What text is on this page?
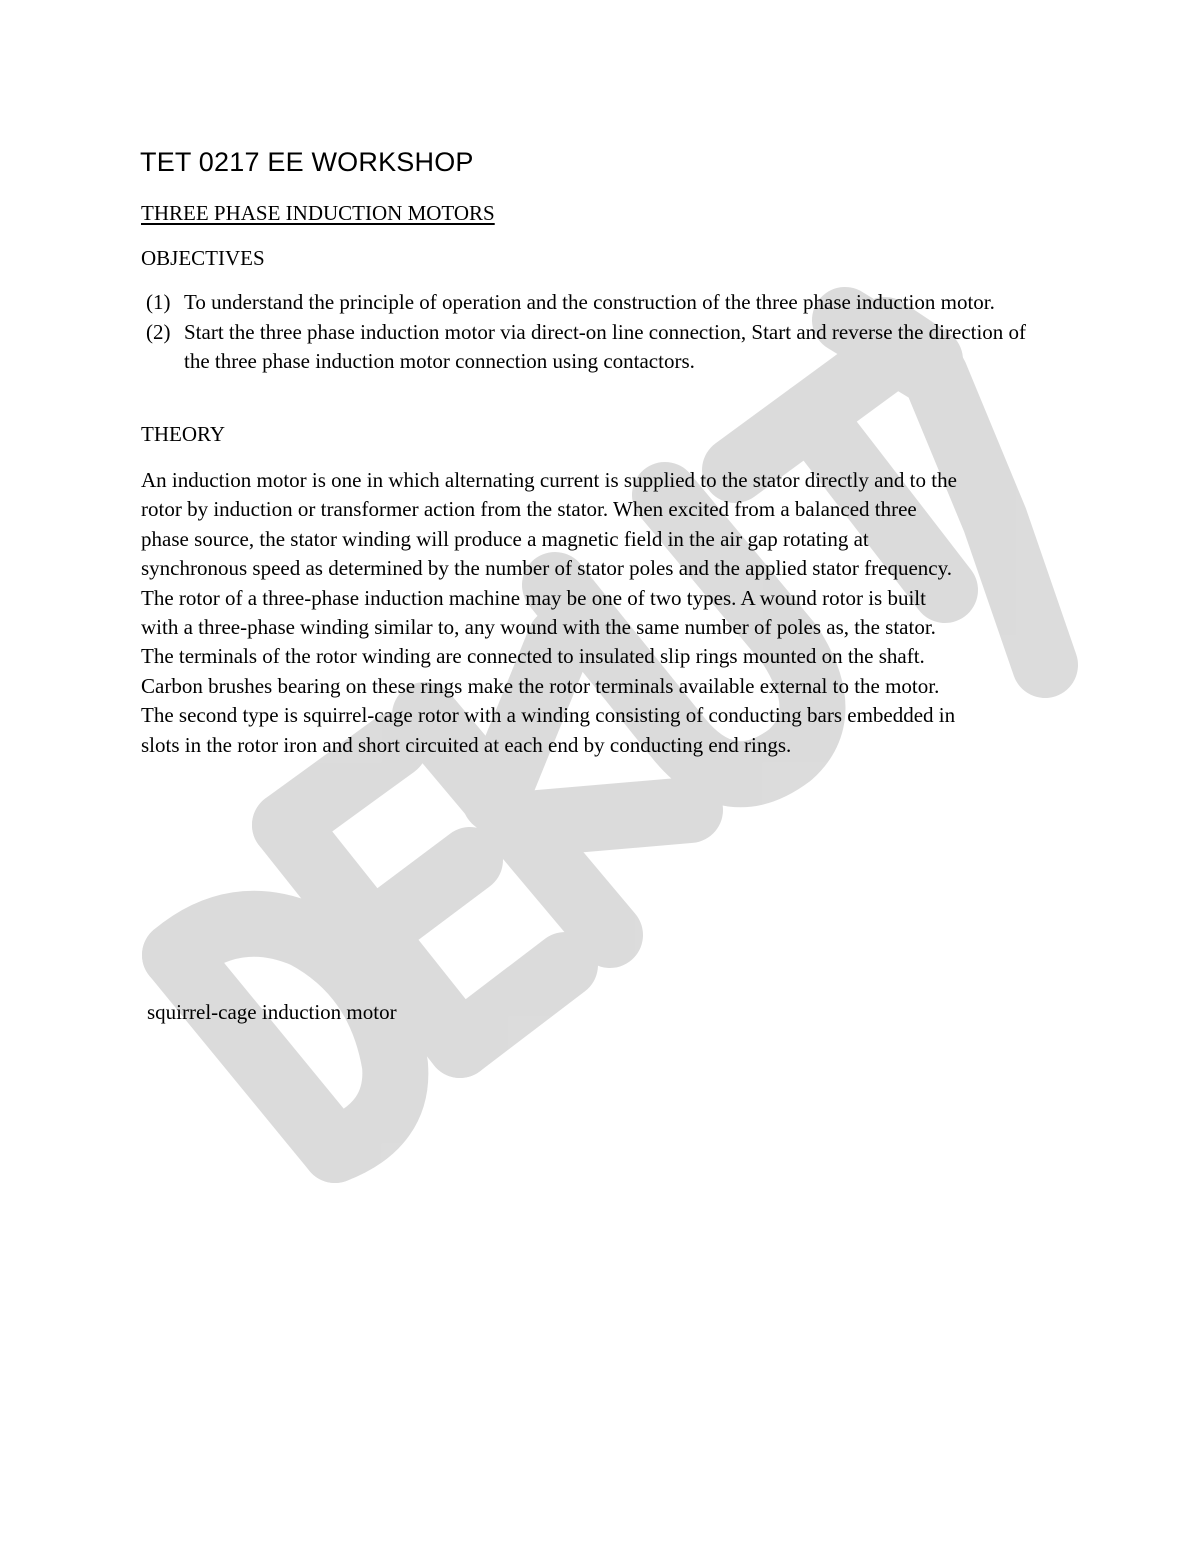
TET 0217 EE WORKSHOP
THREE PHASE INDUCTION MOTORS
OBJECTIVES
(1) To understand the principle of operation and the construction of the three phase induction motor.
(2) Start the three phase induction motor via direct-on line connection, Start and reverse the direction of the three phase induction motor connection using contactors.
THEORY

An induction motor is one in which alternating current is supplied to the stator directly and to the
rotor by induction or transformer action from the stator. When excited from a balanced three
phase source, the stator winding will produce a magnetic field in the air gap rotating at
synchronous speed as determined by the number of stator poles and the applied stator frequency.
The rotor of a three-phase induction machine may be one of two types. A wound rotor is built
with a three-phase winding similar to, any wound with the same number of poles as, the stator.
The terminals of the rotor winding are connected to insulated slip rings mounted on the shaft.
Carbon brushes bearing on these rings make the rotor terminals available external to the motor.
The second type is squirrel-cage rotor with a winding consisting of conducting bars embedded in
slots in the rotor iron and short circuited at each end by conducting end rings.

squirrel-cage induction motor
